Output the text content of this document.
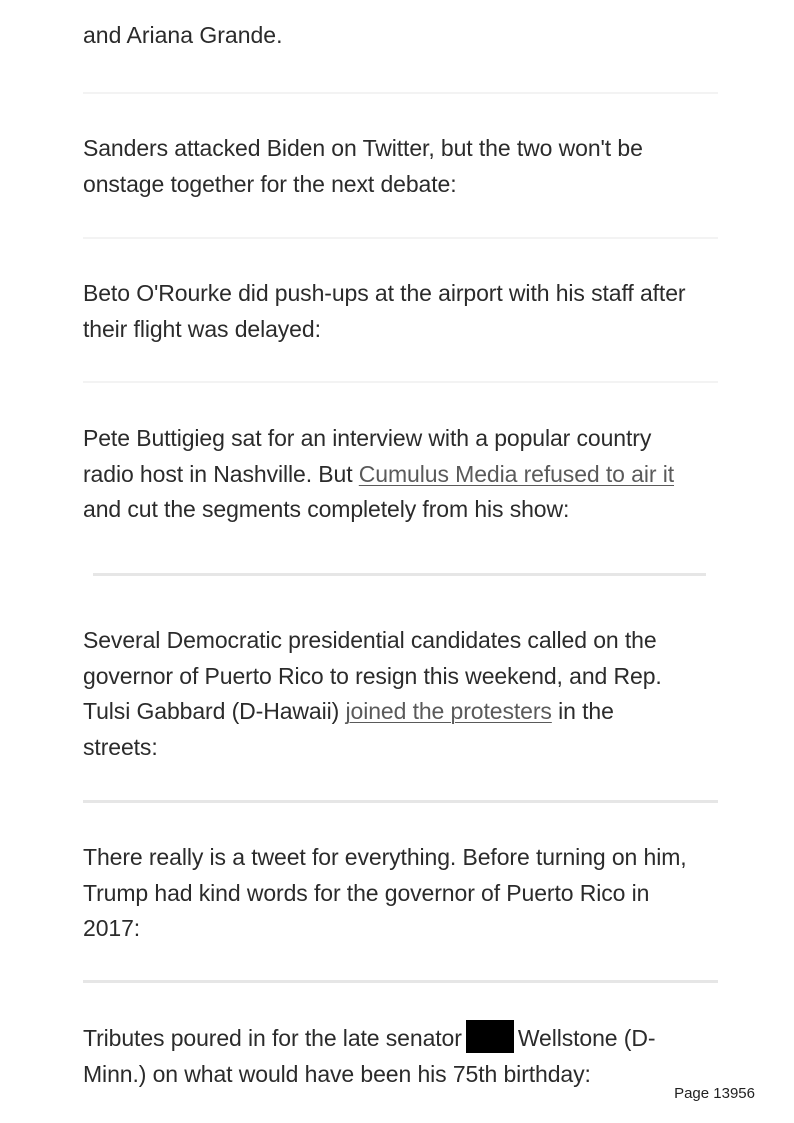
and Ariana Grande.

Sanders attacked Biden on Twitter, but the two won't be
onstage together for the next debate:

Beto O'Rourke did push-ups at the airport with his staff after
their flight was delayed:

Pete Buttigieg sat for an interview with a popular country
radio host in Nashville. But Cumulus Media refused to air it
and cut the segments completely from his show:

Several Democratic presidential candidates called on the
governor of Puerto Rico to resign this weekend, and Rep.
Tulsi Gabbard (D-Hawaii) joined the protesters in the
streets:

There really is a tweet for everything. Before turning on him,
Trump had kind words for the governor of Puerto Rico in
2017:

Tributes poured in for the late senator Wellstone (D-
Minn.) on what would have been his 75th birthday:

Page 13956
